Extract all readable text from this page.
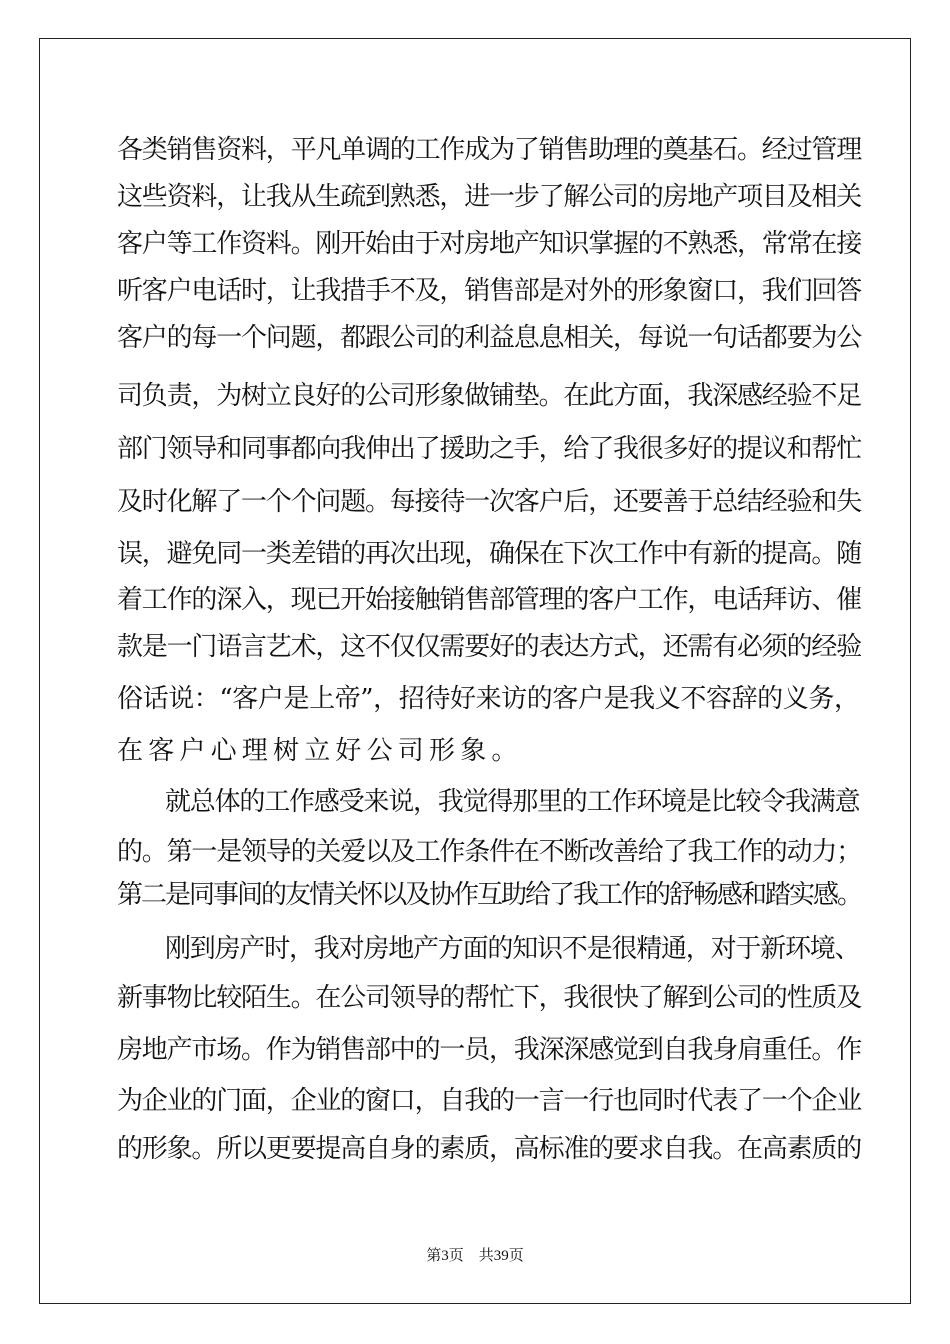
各类销售资料，平凡单调的工作成为了销售助理的奠基石。经过管理
这些资料，让我从生疏到熟悉，进一步了解公司的房地产项目及相关
客户等工作资料。刚开始由于对房地产知识掌握的不熟悉，常常在接
听客户电话时，让我措手不及，销售部是对外的形象窗口，我们回答
客户的每一个问题，都跟公司的利益息息相关，每说一句话都要为公
司负责，为树立良好的公司形象做铺垫。在此方面，我深感经验不足
部门领导和同事都向我伸出了援助之手，给了我很多好的提议和帮忙
及时化解了一个个问题。每接待一次客户后，还要善于总结经验和失
误，避免同一类差错的再次出现，确保在下次工作中有新的提高。随
着工作的深入，现已开始接触销售部管理的客户工作，电话拜访、催
款是一门语言艺术，这不仅仅需要好的表达方式，还需有必须的经验
俗话说：“客户是上帝”，招待好来访的客户是我义不容辞的义务，
在客户心理树立好公司形象。
就总体的工作感受来说，我觉得那里的工作环境是比较令我满意
的。第一是领导的关爱以及工作条件在不断改善给了我工作的动力；
第二是同事间的友情关怀以及协作互助给了我工作的舒畅感和踏实感。
刚到房产时，我对房地产方面的知识不是很精通，对于新环境、
新事物比较陌生。在公司领导的帮忙下，我很快了解到公司的性质及
房地产市场。作为销售部中的一员，我深深感觉到自我身肩重任。作
为企业的门面，企业的窗口，自我的一言一行也同时代表了一个企业
的形象。所以更要提高自身的素质，高标准的要求自我。在高素质的
第3页　共39页
